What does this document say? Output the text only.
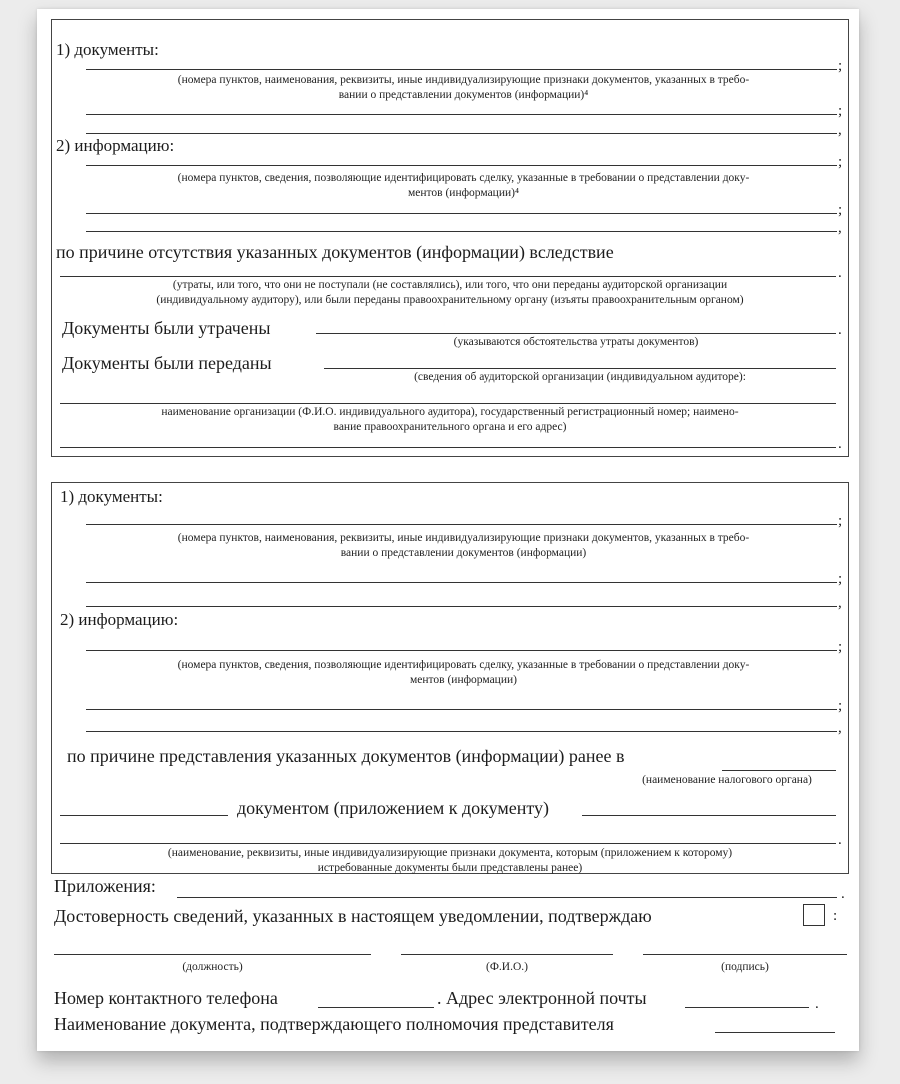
1) документы:
;
(номера пунктов, наименования, реквизиты, иные индивидуализирующие признаки документов, указанных в требо-
вании о представлении документов (информации)⁴
;
,
2) информацию:
;
(номера пунктов, сведения, позволяющие идентифицировать сделку, указанные в требовании о представлении доку-
ментов (информации)⁴
;
,
по причине отсутствия указанных документов (информации) вследствие
.
(утраты, или того, что они не поступали (не составлялись), или того, что они переданы аудиторской организации
(индивидуальному аудитору), или были переданы правоохранительному органу (изъяты правоохранительным органом)
Документы были утрачены	.
(указываются обстоятельства утраты документов)
Документы были переданы
(сведения об аудиторской организации (индивидуальном аудиторе):
наименование организации (Ф.И.О. индивидуального аудитора), государственный регистрационный номер; наимено-
вание правоохранительного органа и его адрес)
.
1) документы:
;
(номера пунктов, наименования, реквизиты, иные индивидуализирующие признаки документов, указанных в требо-
вании о представлении документов (информации)
;
,
2) информацию:
;
(номера пунктов, сведения, позволяющие идентифицировать сделку, указанные в требовании о представлении доку-
ментов (информации)
;
,
по причине представления указанных документов (информации) ранее в
(наименование налогового органа)
документом (приложением к документу)
.
(наименование, реквизиты, иные индивидуализирующие признаки документа, которым (приложением к которому)
истребованные документы были представлены ранее)
Приложения:	.
Достоверность сведений, указанных в настоящем уведомлении, подтверждаю	:
(должность)	(Ф.И.О.)	(подпись)
Номер контактного телефона	. Адрес электронной почты	.
Наименование документа, подтверждающего полномочия представителя
